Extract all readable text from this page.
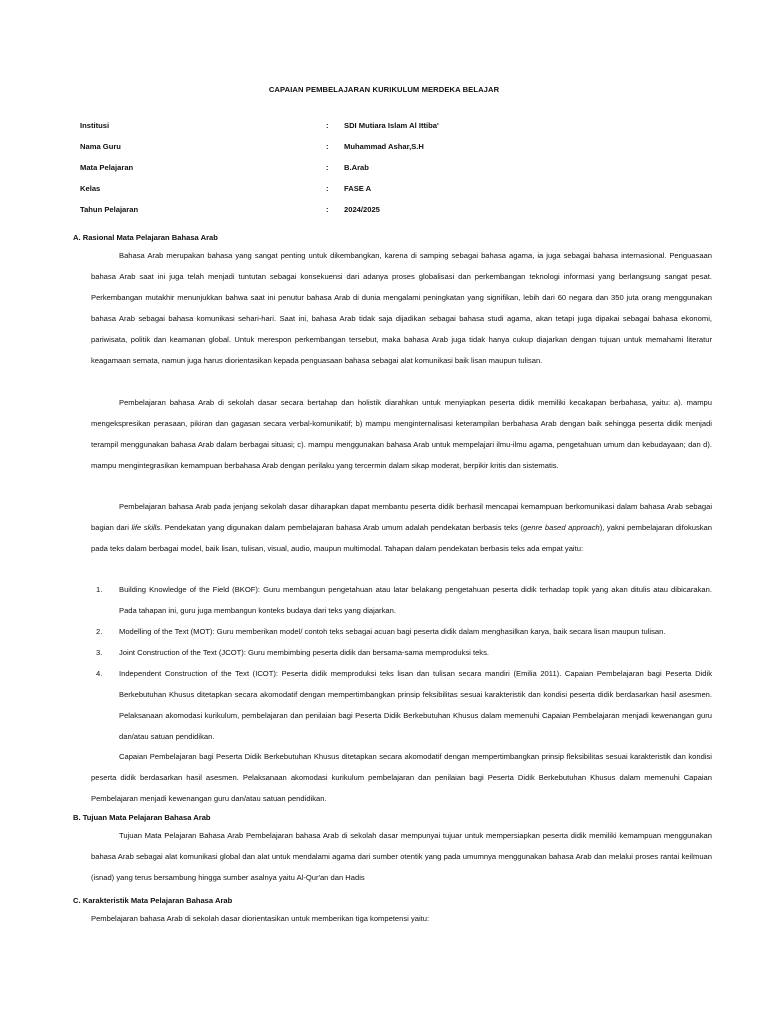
CAPAIAN PEMBELAJARAN KURIKULUM MERDEKA BELAJAR
Institusi	: SDI Mutiara Islam Al Ittiba'
Nama Guru	: Muhammad Ashar,S.H
Mata Pelajaran	: B.Arab
Kelas	: FASE A
Tahun Pelajaran	: 2024/2025
A. Rasional Mata Pelajaran Bahasa Arab

Bahasa Arab merupakan bahasa yang sangat penting untuk dikembangkan, karena di samping sebagai bahasa agama, ia juga sebagai bahasa internasional. Penguasaan bahasa Arab saat ini juga telah menjadi tuntutan sebagai konsekuensi dari adanya proses globalisasi dan perkembangan teknologi informasi yang berlangsung sangat pesat. Perkembangan mutakhir menunjukkan bahwa saat ini penutur bahasa Arab di dunia mengalami peningkatan yang signifikan, lebih dari 60 negara dan 350 juta orang menggunakan bahasa Arab sebagai bahasa komunikasi sehari-hari. Saat ini, bahasa Arab tidak saja dijadikan sebagai bahasa studi agama, akan tetapi juga dipakai sebagai bahasa ekonomi, pariwisata, politik dan keamanan global. Untuk merespon perkembangan tersebut, maka bahasa Arab juga tidak hanya cukup diajarkan dengan tujuan untuk memahami literatur keagamaan semata, namun juga harus diorientasikan kepada penguasaan bahasa sebagai alat komunikasi baik lisan maupun tulisan.

Pembelajaran bahasa Arab di sekolah dasar secara bertahap dan holistik diarahkan untuk menyiapkan peserta didik memiliki kecakapan berbahasa, yaitu: a). mampu mengekspresikan perasaan, pikiran dan gagasan secara verbal-komunikatif; b) mampu menginternalisasi keterampilan berbahasa Arab dengan baik sehingga peserta didik menjadi terampil menggunakan bahasa Arab dalam berbagai situasi; c). mampu menggunakan bahasa Arab untuk mempelajari ilmu-ilmu agama, pengetahuan umum dan kebudayaan; dan d). mampu mengintegrasikan kemampuan berbahasa Arab dengan perilaku yang tercermin dalam sikap moderat, berpikir kritis dan sistematis.

Pembelajaran bahasa Arab pada jenjang sekolah dasar diharapkan dapat membantu peserta didik berhasil mencapai kemampuan berkomunikasi dalam bahasa Arab sebagai bagian dari life skills. Pendekatan yang digunakan dalam pembelajaran bahasa Arab umum adalah pendekatan berbasis teks (genre based approach), yakni pembelajaran difokuskan pada teks dalam berbagai model, baik lisan, tulisan, visual, audio, maupun multimodal. Tahapan dalam pendekatan berbasis teks ada empat yaitu:

1.	Building Knowledge of the Field (BKOF): Guru membangun pengetahuan atau latar belakang pengetahuan peserta didik terhadap topik yang akan ditulis atau dibicarakan. Pada tahapan ini, guru juga membangun konteks budaya dari teks yang diajarkan.
2.	Modelling of the Text (MOT): Guru memberikan model/ contoh teks sebagai acuan bagi peserta didik dalam menghasilkan karya, baik secara lisan maupun tulisan.
3.	Joint Construction of the Text (JCOT): Guru membimbing peserta didik dan bersama-sama memproduksi teks.
4.	Independent Construction of the Text (ICOT): Peserta didik memproduksi teks lisan dan tulisan secara mandiri (Emilia 2011). Capaian Pembelajaran bagi Peserta Didik Berkebutuhan Khusus ditetapkan secara akomodatif dengan mempertimbangkan prinsip feksibilitas sesuai karakteristik dan kondisi peserta didik berdasarkan hasil asesmen. Pelaksanaan akomodasi kurikulum, pembelajaran dan penilaian bagi Peserta Didik Berkebutuhan Khusus dalam memenuhi Capaian Pembelajaran menjadi kewenangan guru dan/atau satuan pendidikan.

Capaian Pembelajaran bagi Peserta Didik Berkebutuhan Khusus ditetapkan secara akomodatif dengan mempertimbangkan prinsip fleksibilitas sesuai karakteristik dan kondisi peserta didik berdasarkan hasil asesmen. Pelaksanaan akomodasi kurikulum pembelajaran dan penilaian bagi Peserta Didik Berkebutuhan Khusus dalam memenuhi Capaian Pembelajaran menjadi kewenangan guru dan/atau satuan pendidikan.

B. Tujuan Mata Pelajaran Bahasa Arab

Tujuan Mata Pelajaran Bahasa Arab Pembelajaran bahasa Arab di sekolah dasar mempunyai tujuar untuk mempersiapkan peserta didik memiliki kemampuan menggunakan bahasa Arab sebagai alat komunikasi global dan alat untuk mendalami agama dari sumber otentik yang pada umumnya menggunakan bahasa Arab dan melalui proses rantai keilmuan (isnad) yang terus bersambung hingga sumber asalnya yaitu Al-Qur'an dan Hadis

C. Karakteristik Mata Pelajaran Bahasa Arab

Pembelajaran bahasa Arab di sekolah dasar diorientasikan untuk memberikan tiga kompetensi yaitu:
